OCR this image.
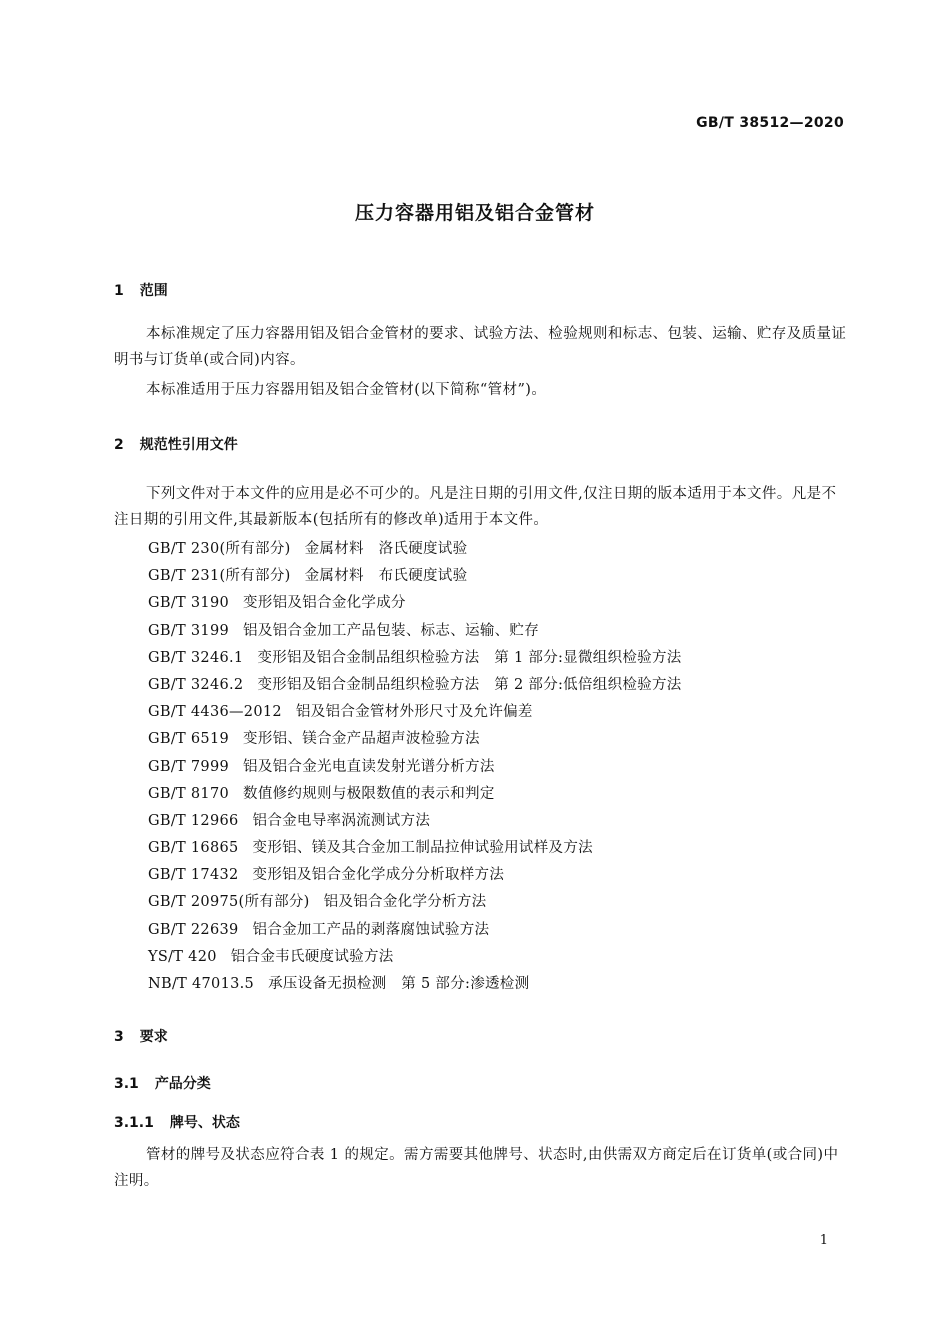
GB/T 38512—2020
压力容器用铝及铝合金管材
1 范围
本标准规定了压力容器用铝及铝合金管材的要求、试验方法、检验规则和标志、包装、运输、贮存及质量证明书与订货单(或合同)内容。
本标准适用于压力容器用铝及铝合金管材(以下简称“管材”)。
2 规范性引用文件
下列文件对于本文件的应用是必不可少的。凡是注日期的引用文件,仅注日期的版本适用于本文件。凡是不注日期的引用文件,其最新版本(包括所有的修改单)适用于本文件。
GB/T 230(所有部分) 金属材料　洛氏硬度试验
GB/T 231(所有部分) 金属材料　布氏硬度试验
GB/T 3190 变形铝及铝合金化学成分
GB/T 3199 铝及铝合金加工产品包装、标志、运输、贮存
GB/T 3246.1 变形铝及铝合金制品组织检验方法　第 1 部分:显微组织检验方法
GB/T 3246.2 变形铝及铝合金制品组织检验方法　第 2 部分:低倍组织检验方法
GB/T 4436—2012 铝及铝合金管材外形尺寸及允许偏差
GB/T 6519 变形铝、镁合金产品超声波检验方法
GB/T 7999 铝及铝合金光电直读发射光谱分析方法
GB/T 8170 数值修约规则与极限数值的表示和判定
GB/T 12966 铝合金电导率涡流测试方法
GB/T 16865 变形铝、镁及其合金加工制品拉伸试验用试样及方法
GB/T 17432 变形铝及铝合金化学成分分析取样方法
GB/T 20975(所有部分) 铝及铝合金化学分析方法
GB/T 22639 铝合金加工产品的剥落腐蚀试验方法
YS/T 420 铝合金韦氏硬度试验方法
NB/T 47013.5 承压设备无损检测　第 5 部分:渗透检测
3 要求
3.1 产品分类
3.1.1 牌号、状态
管材的牌号及状态应符合表 1 的规定。需方需要其他牌号、状态时,由供需双方商定后在订货单(或合同)中注明。
1
